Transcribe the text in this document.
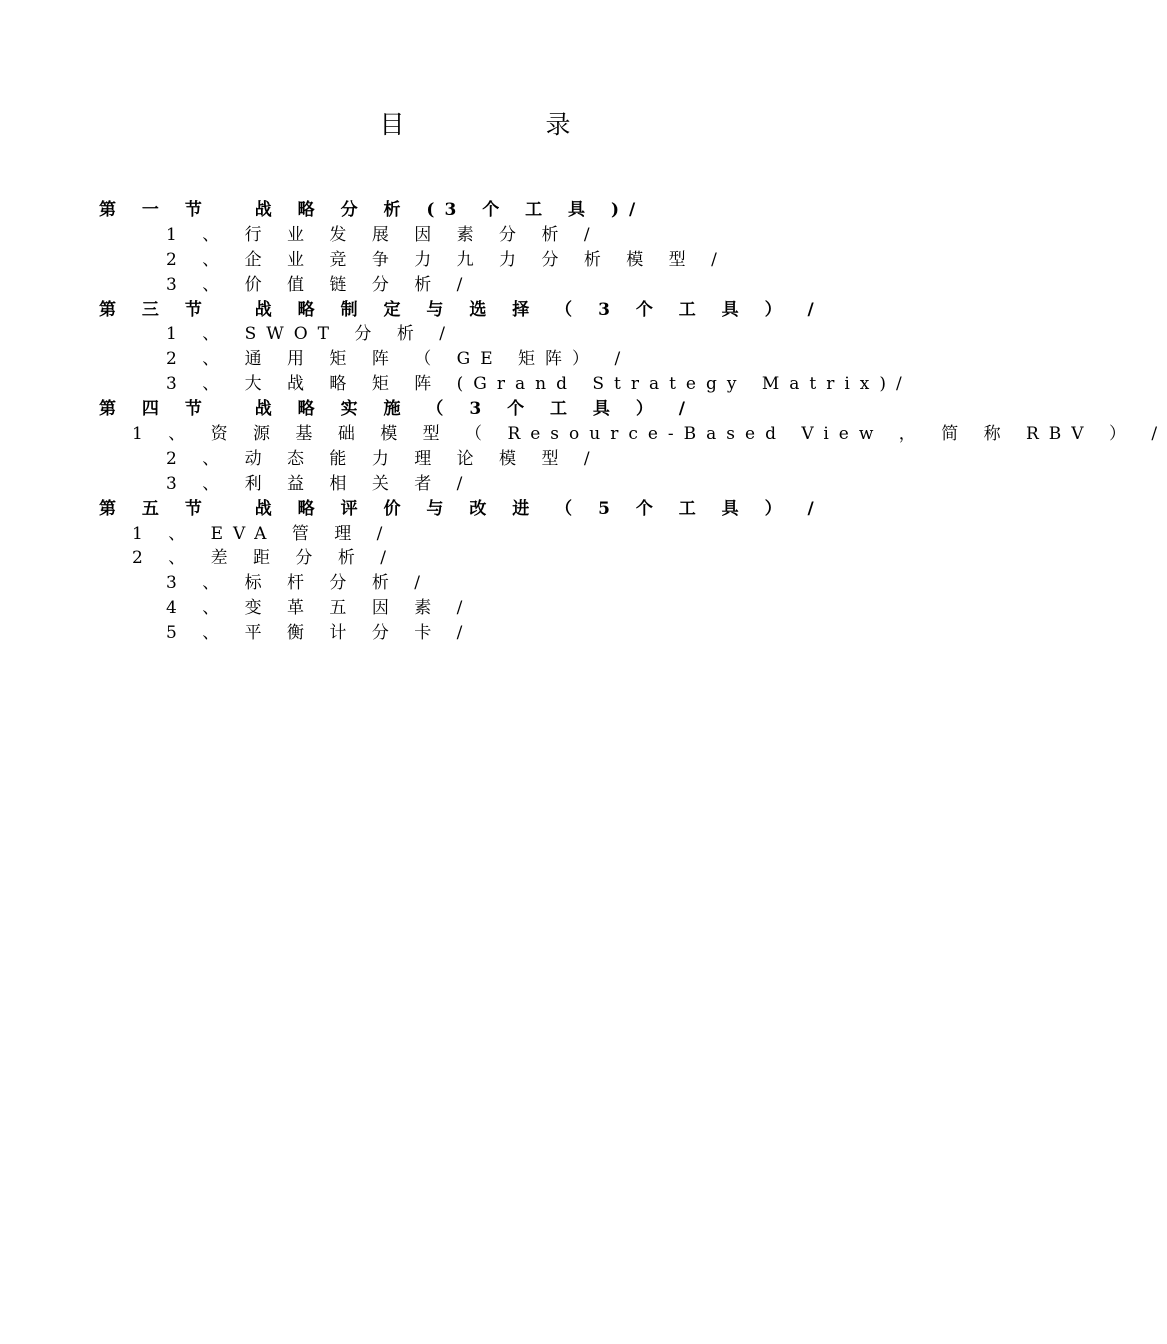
目　录
第 一 节 　战 略 分 析 (3 个 工 具 )/
1 、 行 业 发 展 因 素 分 析 /
2 、 企 业 竞 争 力 九 力 分 析 模 型 /
3 、 价 值 链 分 析 /
第 三 节 　战 略 制 定 与 选 择 （ 3 个 工 具 ） /
1 、 SWOT 分 析 /
2 、 通 用 矩 阵 （ GE 矩阵） /
3 、 大 战 略 矩 阵 (Grand Strategy Matrix)/
第 四 节 　战 略 实 施 （ 3 个 工 具 ） /
1 、 资 源 基 础 模 型 （ Resource-Based View ， 简 称 RBV ） /
2 、 动 态 能 力 理 论 模 型 /
3 、 利 益 相 关 者 /
第 五 节 　战 略 评 价 与 改 进 （ 5 个 工 具 ） /
1 、 EVA 管 理 /
2 、 差 距 分 析 /
3 、 标 杆 分 析 /
4 、 变 革 五 因 素 /
5 、 平 衡 计 分 卡 /
